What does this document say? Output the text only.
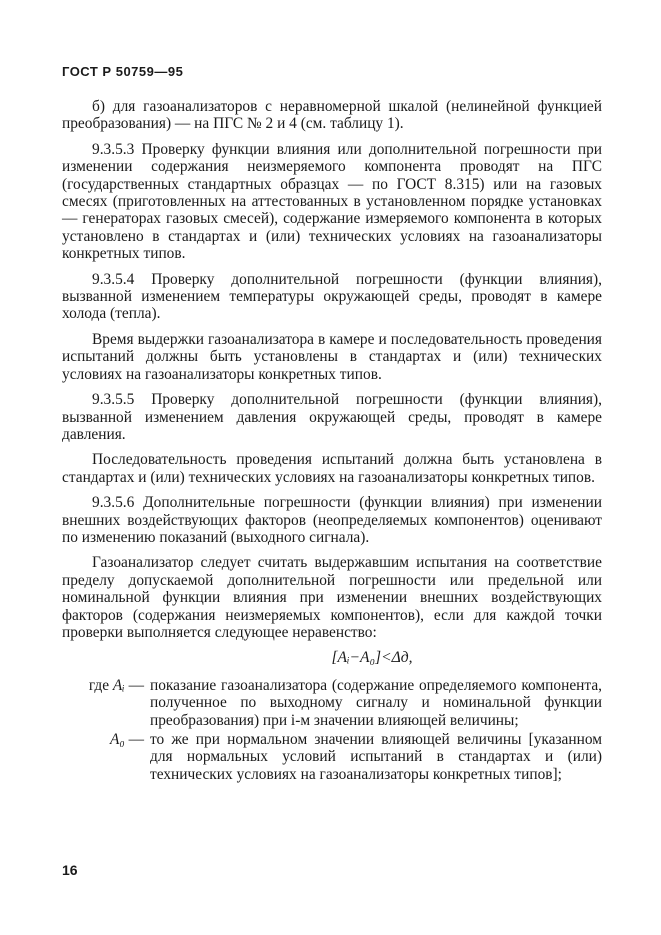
ГОСТ Р 50759—95

б) для газоанализаторов с неравномерной шкалой (нелинейной функцией преобразования) — на ПГС № 2 и 4 (см. таблицу 1).

9.3.5.3 Проверку функции влияния или дополнительной погрешности при изменении содержания неизмеряемого компонента проводят на ПГС (государственных стандартных образцах — по ГОСТ 8.315) или на газовых смесях (приготовленных на аттестованных в установленном порядке установках — генераторах газовых смесей), содержание измеряемого компонента в которых установлено в стандартах и (или) технических условиях на газоанализаторы конкретных типов.

9.3.5.4 Проверку дополнительной погрешности (функции влияния), вызванной изменением температуры окружающей среды, проводят в камере холода (тепла).

Время выдержки газоанализатора в камере и последовательность проведения испытаний должны быть установлены в стандартах и (или) технических условиях на газоанализаторы конкретных типов.

9.3.5.5 Проверку дополнительной погрешности (функции влияния), вызванной изменением давления окружающей среды, проводят в камере давления.

Последовательность проведения испытаний должна быть установлена в стандартах и (или) технических условиях на газоанализаторы конкретных типов.

9.3.5.6 Дополнительные погрешности (функции влияния) при изменении внешних воздействующих факторов (неопределяемых компонентов) оценивают по изменению показаний (выходного сигнала).

Газоанализатор следует считать выдержавшим испытания на соответствие пределу допускаемой дополнительной погрешности или предельной или номинальной функции влияния при изменении внешних воздействующих факторов (содержания неизмеряемых компонентов), если для каждой точки проверки выполняется следующее неравенство:

[Aᵢ−A₀]<Δд,
где Aᵢ — показание газоанализатора (содержание определяемого компонента, полученное по выходному сигналу и номинальной функции преобразования) при i-м значении влияющей величины;
A₀ — то же при нормальном значении влияющей величины [указанном для нормальных условий испытаний в стандартах и (или) технических условиях на газоанализаторы конкретных типов];
16
